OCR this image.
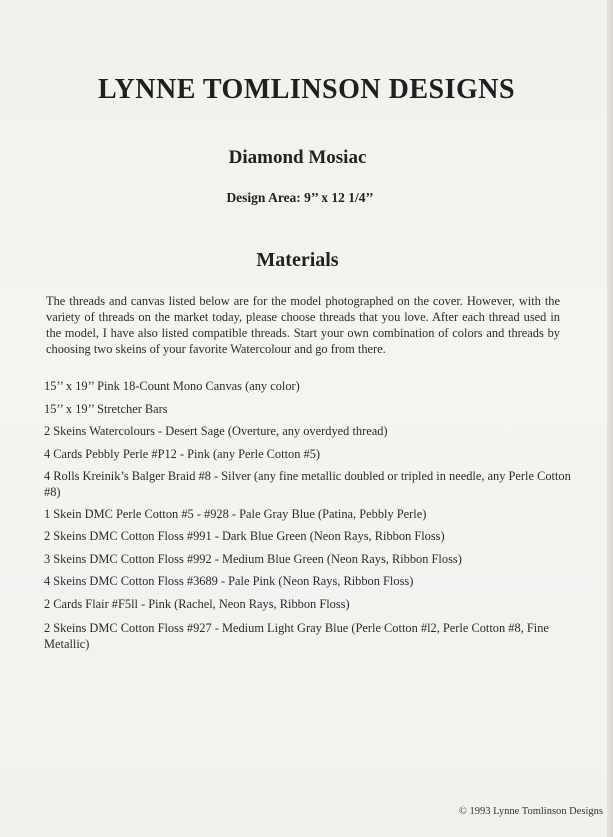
LYNNE TOMLINSON DESIGNS
Diamond Mosiac
Design Area: 9’’ x 12 1/4’’
Materials
The threads and canvas listed below are for the model photographed on the cover. However, with the variety of threads on the market today, please choose threads that you love. After each thread used in the model, I have also listed compatible threads. Start your own combination of colors and threads by choosing two skeins of your favorite Watercolour and go from there.
15’’ x 19’’ Pink 18-Count Mono Canvas (any color)
15’’ x 19’’ Stretcher Bars
2 Skeins Watercolours - Desert Sage (Overture, any overdyed thread)
4 Cards Pebbly Perle #P12 - Pink (any Perle Cotton #5)
4 Rolls Kreinik’s Balger Braid #8 - Silver (any fine metallic doubled or tripled in needle, any Perle Cotton #8)
1 Skein DMC Perle Cotton #5 - #928 - Pale Gray Blue (Patina, Pebbly Perle)
2 Skeins DMC Cotton Floss #991 - Dark Blue Green (Neon Rays, Ribbon Floss)
3 Skeins DMC Cotton Floss #992 - Medium Blue Green (Neon Rays, Ribbon Floss)
4 Skeins DMC Cotton Floss #3689 - Pale Pink (Neon Rays, Ribbon Floss)
2 Cards Flair #F5ll - Pink (Rachel, Neon Rays, Ribbon Floss)
2 Skeins DMC Cotton Floss #927 - Medium Light Gray Blue (Perle Cotton #l2, Perle Cotton #8, Fine Metallic)
© 1993 Lynne Tomlinson Designs
